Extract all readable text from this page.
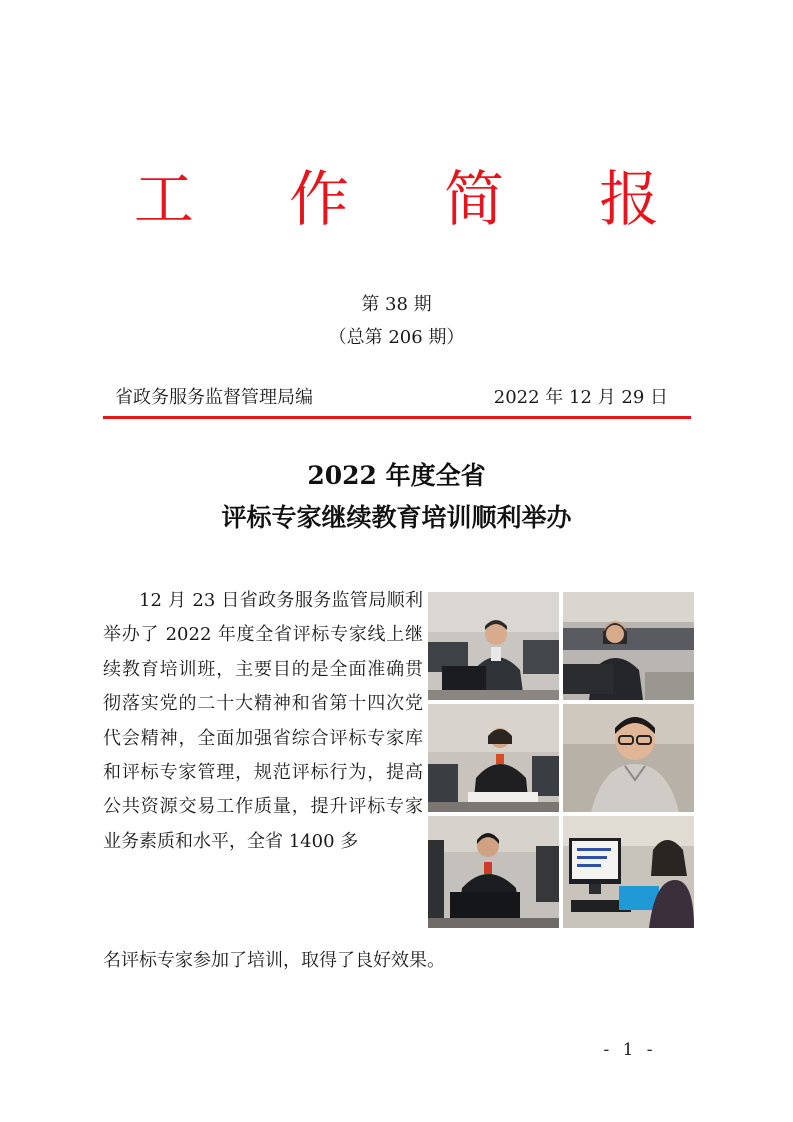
工 作 简 报
第 38 期
（总第 206 期）
省政务服务监督管理局编	2022 年 12 月 29 日
2022 年度全省
评标专家继续教育培训顺利举办

12 月 23 日省政务服务监管局顺利举办了 2022 年度全省评标专家线上继续教育培训班，主要目的是全面准确贯彻落实党的二十大精神和省第十四次党代会精神，全面加强省综合评标专家库和评标专家管理，规范评标行为，提高公共资源交易工作质量，提升评标专家业务素质和水平，全省 1400 多

名评标专家参加了培训，取得了良好效果。
- 1 -
